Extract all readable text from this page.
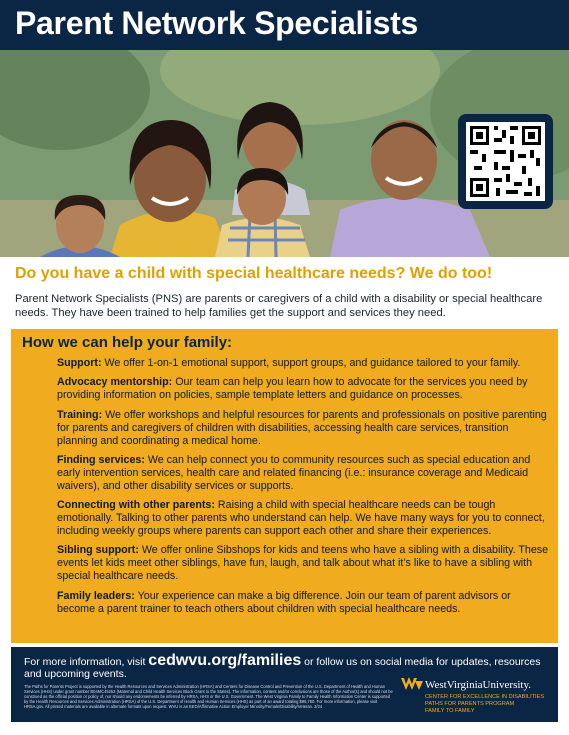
Parent Network Specialists
Do you have a child with special healthcare needs? We do too!
Parent Network Specialists (PNS) are parents or caregivers of a child with a disability or special healthcare needs. They have been trained to help families get the support and services they need.
How we can help your family:
Support: We offer 1-on-1 emotional support, support groups, and guidance tailored to your family.
Advocacy mentorship: Our team can help you learn how to advocate for the services you need by providing information on policies, sample template letters and guidance on processes.
Training: We offer workshops and helpful resources for parents and professionals on positive parenting for parents and caregivers of children with disabilities, accessing health care services, transition planning and coordinating a medical home.
Finding services: We can help connect you to community resources such as special education and early intervention services, health care and related financing (i.e.: insurance coverage and Medicaid waivers), and other disability services or supports.
Connecting with other parents: Raising a child with special healthcare needs can be tough emotionally. Talking to other parents who understand can help. We have many ways for you to connect, including weekly groups where parents can support each other and share their experiences.
Sibling support: We offer online Sibshops for kids and teens who have a sibling with a disability. These events let kids meet other siblings, have fun, laugh, and talk about what it’s like to have a sibling with special healthcare needs.
Family leaders: Your experience can make a big difference. Join our team of parent advisors or become a parent trainer to teach others about children with special healthcare needs.
For more information, visit cedwvu.org/families or follow us on social media for updates, resources and upcoming events.
The Paths for Parents Project is supported by the Health Resources and Services Administration (HRSA) and Centers for Disease Control and Prevention of the U.S. Department of Health and Human Services (HHS) under grant number B04MC45252 (Maternal and Child Health Services Block Grant to the States). The information, content and/or conclusions are those of the Author(s) and should not be construed as the official position or policy of, nor should any endorsements be inferred by HRSA, HHS or the U.S. Government. The West Virginia Family to Family Health Information Center is supported by the Health Resources and Services Administration (HRSA) of the U.S. Department of Health and Human Services (HHS) as part of an award totaling $96,750. For more information, please visit HRSA.gov. All printed materials are available in alternate formats upon request. WVU is an EEO/Affirmative Action Employer Minority/Female/Disability/Veteran. 3/24
WestVirginiaUniversity.
CENTER FOR EXCELLENCE IN DISABILITIES
PATHS FOR PARENTS PROGRAM
FAMILY TO FAMILY
